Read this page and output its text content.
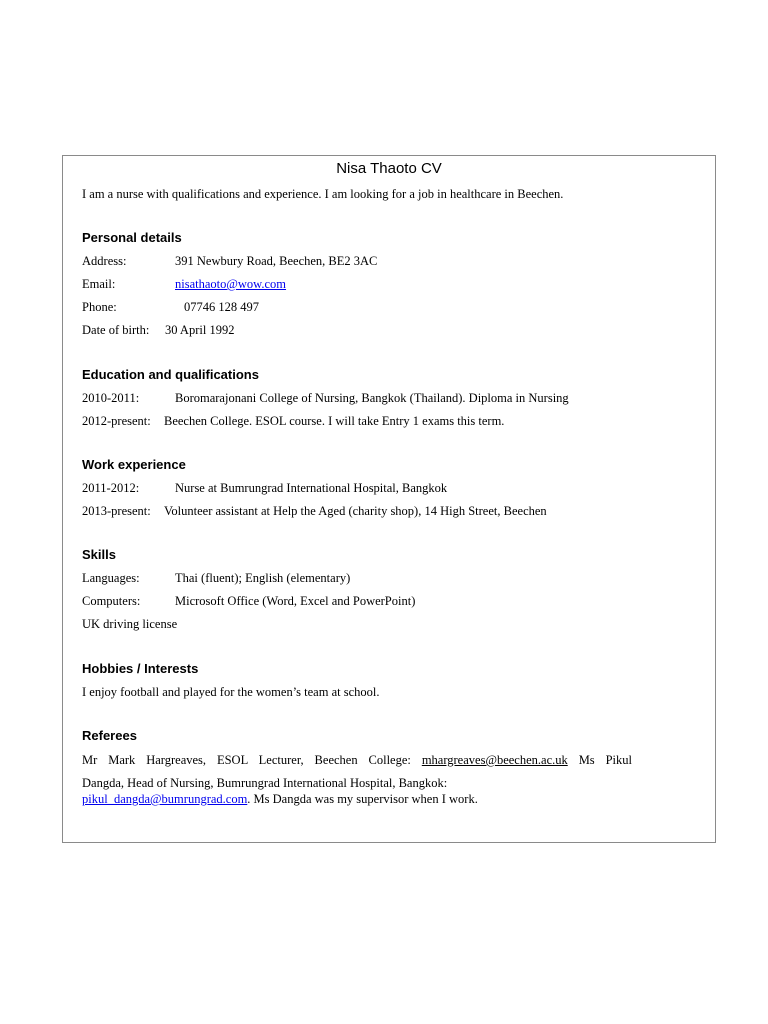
Nisa Thaoto CV
I am a nurse with qualifications and experience. I am looking for a job in healthcare in Beechen.
Personal details
Address:	391 Newbury Road, Beechen, BE2 3AC
Email:	nisathaoto@wow.com
Phone:	07746 128 497
Date of birth: 30 April 1992
Education and qualifications
2010-2011:	Boromarajonani College of Nursing, Bangkok (Thailand). Diploma in Nursing
2012-present: Beechen College. ESOL course. I will take Entry 1 exams this term.
Work experience
2011-2012:	Nurse at Bumrungrad International Hospital, Bangkok
2013-present: Volunteer assistant at Help the Aged (charity shop), 14 High Street, Beechen
Skills
Languages:	Thai (fluent); English (elementary)
Computers:	Microsoft Office (Word, Excel and PowerPoint)
UK driving license
Hobbies / Interests
I enjoy football and played for the women’s team at school.
Referees
Mr Mark Hargreaves, ESOL Lecturer, Beechen College: mhargreaves@beechen.ac.uk Ms Pikul
Dangda, Head of Nursing, Bumrungrad International Hospital, Bangkok:
pikul_dangda@bumrungrad.com. Ms Dangda was my supervisor when I work.
